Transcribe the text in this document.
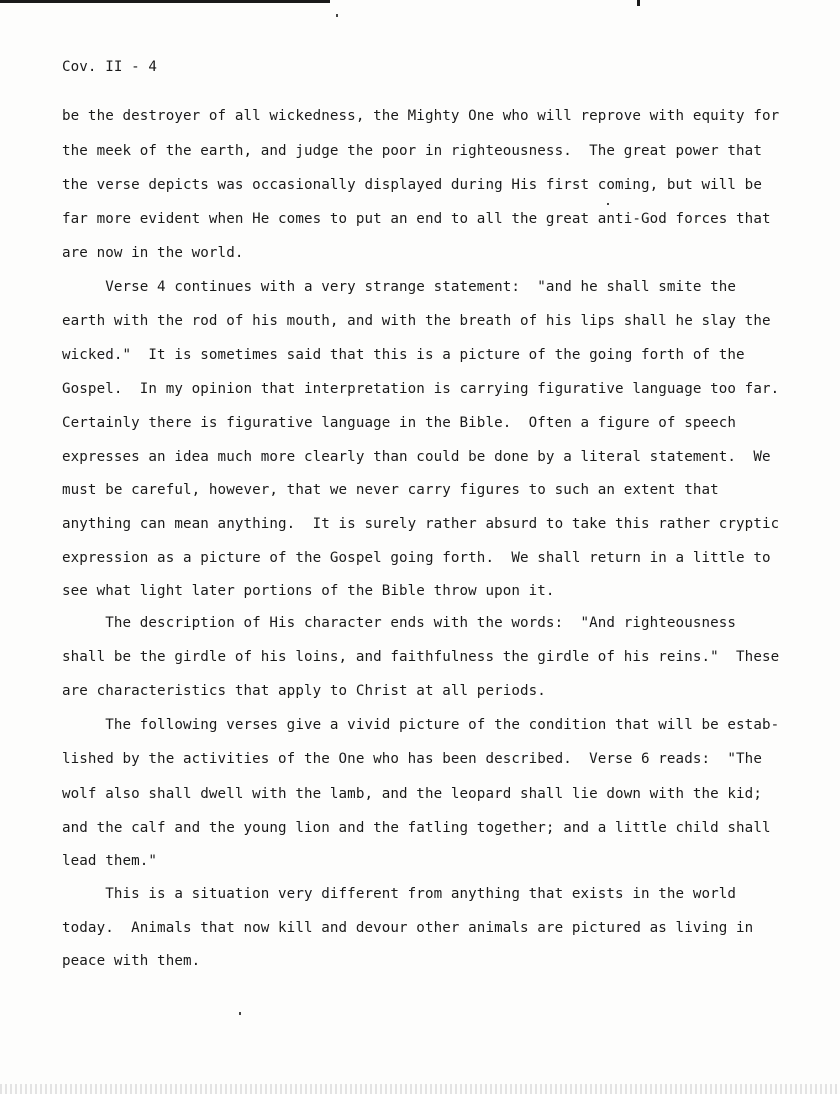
Cov. II - 4
be the destroyer of all wickedness, the Mighty One who will reprove with equity for
the meek of the earth, and judge the poor in righteousness.  The great power that
the verse depicts was occasionally displayed during His first coming, but will be
far more evident when He comes to put an end to all the great anti-God forces that
are now in the world.
Verse 4 continues with a very strange statement:  "and he shall smite the
earth with the rod of his mouth, and with the breath of his lips shall he slay the
wicked."  It is sometimes said that this is a picture of the going forth of the
Gospel.  In my opinion that interpretation is carrying figurative language too far.
Certainly there is figurative language in the Bible.  Often a figure of speech
expresses an idea much more clearly than could be done by a literal statement.  We
must be careful, however, that we never carry figures to such an extent that
anything can mean anything.  It is surely rather absurd to take this rather cryptic
expression as a picture of the Gospel going forth.  We shall return in a little to
see what light later portions of the Bible throw upon it.
The description of His character ends with the words:  "And righteousness
shall be the girdle of his loins, and faithfulness the girdle of his reins."  These
are characteristics that apply to Christ at all periods.
The following verses give a vivid picture of the condition that will be estab-
lished by the activities of the One who has been described.  Verse 6 reads:  "The
wolf also shall dwell with the lamb, and the leopard shall lie down with the kid;
and the calf and the young lion and the fatling together; and a little child shall
lead them."
This is a situation very different from anything that exists in the world
today.  Animals that now kill and devour other animals are pictured as living in
peace with them.
